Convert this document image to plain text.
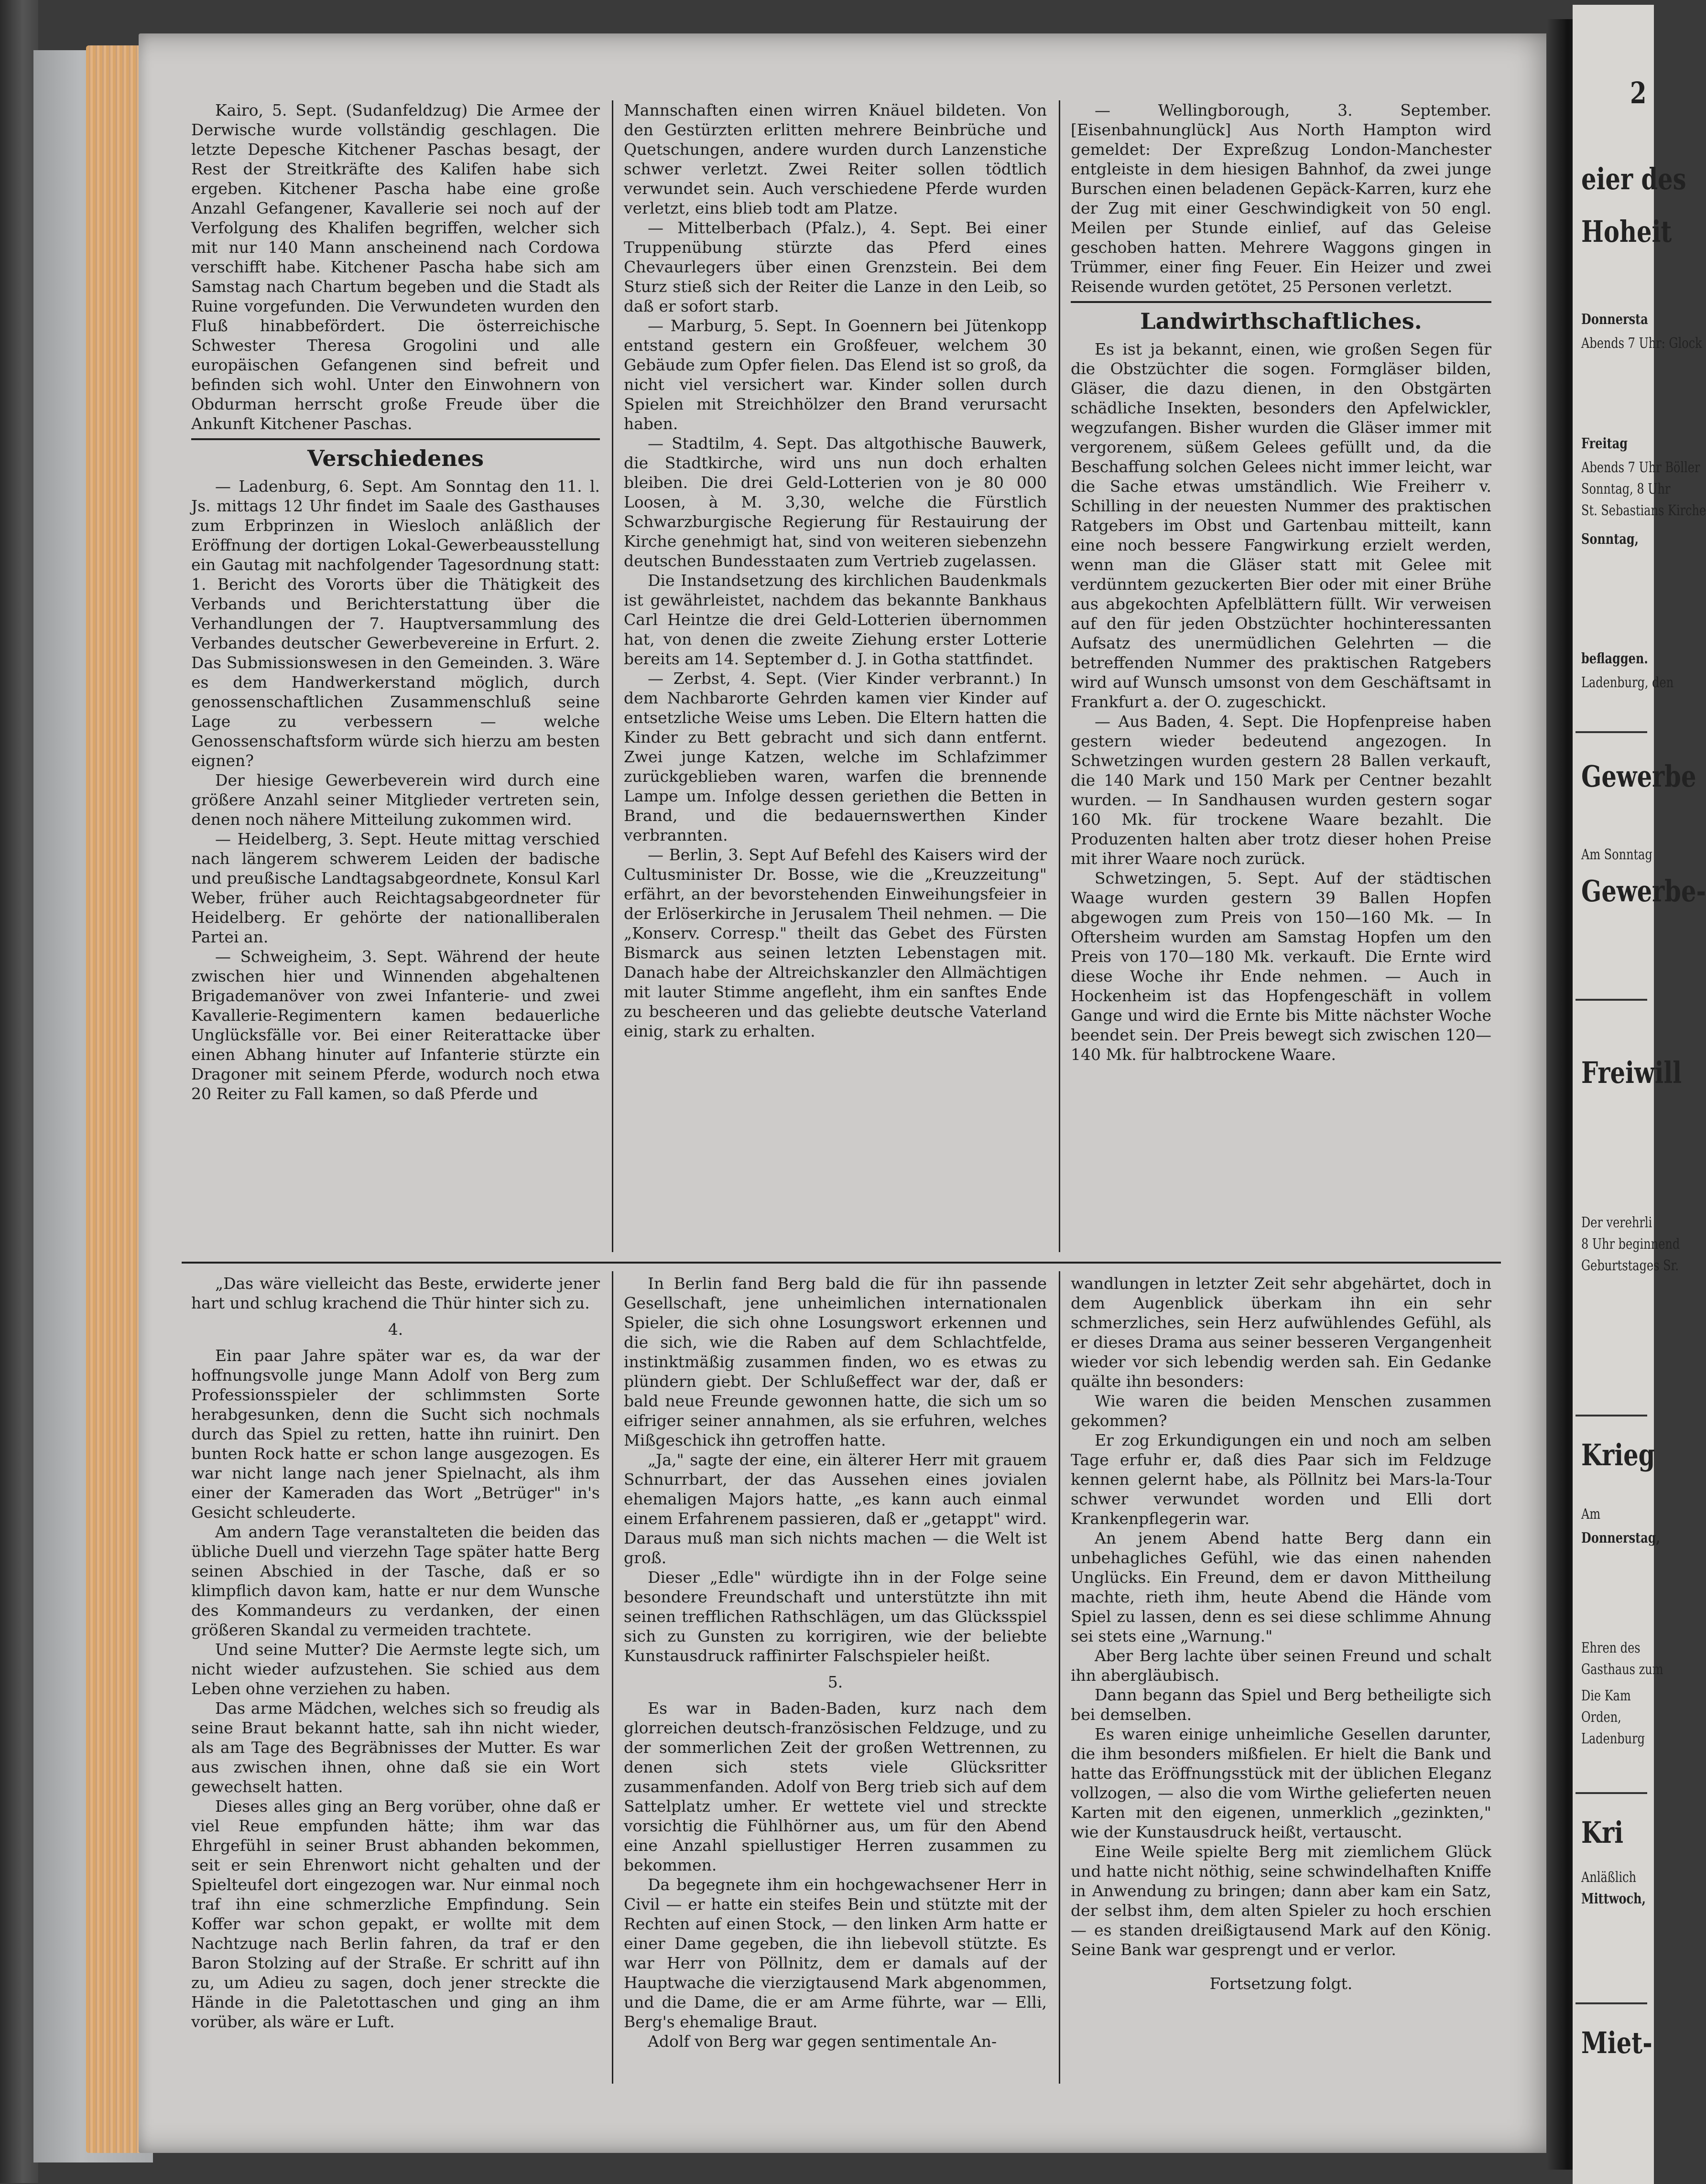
Kairo, 5. Sept. (Sudanfeldzug) Die Armee der Derwische wurde vollständig geschlagen. Die letzte Depesche Kitchener Paschas besagt, der Rest der Streitkräfte des Kalifen habe sich ergeben. Kitchener Pascha habe eine große Anzahl Gefangener, Kavallerie sei noch auf der Verfolgung des Khalifen begriffen, welcher sich mit nur 140 Mann anscheinend nach Cordowa verschifft habe. Kitchener Pascha habe sich am Samstag nach Chartum begeben und die Stadt als Ruine vorgefunden. Die Verwundeten wurden den Fluß hinabbefördert. Die österreichische Schwester Theresa Grogolini und alle europäischen Gefangenen sind befreit und befinden sich wohl. Unter den Einwohnern von Obdurman herrscht große Freude über die Ankunft Kitchener Paschas.

Verschiedenes

— Ladenburg, 6. Sept. Am Sonntag den 11. l. Js. mittags 12 Uhr findet im Saale des Gasthauses zum Erbprinzen in Wiesloch anläßlich der Eröffnung der dortigen Lokal-Gewerbeausstellung ein Gautag mit nachfolgender Tagesordnung statt: 1. Bericht des Vororts über die Thätigkeit des Verbands und Berichterstattung über die Verhandlungen der 7. Hauptversammlung des Verbandes deutscher Gewerbevereine in Erfurt. 2. Das Submissionswesen in den Gemeinden. 3. Wäre es dem Handwerkerstand möglich, durch genossenschaftlichen Zusammenschluß seine Lage zu verbessern — welche Genossenschaftsform würde sich hierzu am besten eignen?

Der hiesige Gewerbeverein wird durch eine größere Anzahl seiner Mitglieder vertreten sein, denen noch nähere Mitteilung zukommen wird.

— Heidelberg, 3. Sept. Heute mittag verschied nach längerem schwerem Leiden der badische und preußische Landtagsabgeordnete, Konsul Karl Weber, früher auch Reichtagsabgeordneter für Heidelberg. Er gehörte der nationalliberalen Partei an.

— Schweigheim, 3. Sept. Während der heute zwischen hier und Winnenden abgehaltenen Brigademanöver von zwei Infanterie- und zwei Kavallerie-Regimentern kamen bedauerliche Unglücksfälle vor. Bei einer Reiterattacke über einen Abhang hinuter auf Infanterie stürzte ein Dragoner mit seinem Pferde, wodurch noch etwa 20 Reiter zu Fall kamen, so daß Pferde und

Mannschaften einen wirren Knäuel bildeten. Von den Gestürzten erlitten mehrere Beinbrüche und Quetschungen, andere wurden durch Lanzenstiche schwer verletzt. Zwei Reiter sollen tödtlich verwundet sein. Auch verschiedene Pferde wurden verletzt, eins blieb todt am Platze.

— Mittelberbach (Pfalz.), 4. Sept. Bei einer Truppenübung stürzte das Pferd eines Chevaurlegers über einen Grenzstein. Bei dem Sturz stieß sich der Reiter die Lanze in den Leib, so daß er sofort starb.

— Marburg, 5. Sept. In Goennern bei Jütenkopp entstand gestern ein Großfeuer, welchem 30 Gebäude zum Opfer fielen. Das Elend ist so groß, da nicht viel versichert war. Kinder sollen durch Spielen mit Streichhölzer den Brand verursacht haben.

— Stadtilm, 4. Sept. Das altgothische Bauwerk, die Stadtkirche, wird uns nun doch erhalten bleiben. Die drei Geld-Lotterien von je 80 000 Loosen, à M. 3,30, welche die Fürstlich Schwarzburgische Regierung für Restauirung der Kirche genehmigt hat, sind von weiteren siebenzehn deutschen Bundesstaaten zum Vertrieb zugelassen.

Die Instandsetzung des kirchlichen Baudenkmals ist gewährleistet, nachdem das bekannte Bankhaus Carl Heintze die drei Geld-Lotterien übernommen hat, von denen die zweite Ziehung erster Lotterie bereits am 14. September d. J. in Gotha stattfindet.

— Zerbst, 4. Sept. (Vier Kinder verbrannt.) In dem Nachbarorte Gehrden kamen vier Kinder auf entsetzliche Weise ums Leben. Die Eltern hatten die Kinder zu Bett gebracht und sich dann entfernt. Zwei junge Katzen, welche im Schlafzimmer zurückgeblieben waren, warfen die brennende Lampe um. Infolge dessen geriethen die Betten in Brand, und die bedauernswerthen Kinder verbrannten.

— Berlin, 3. Sept Auf Befehl des Kaisers wird der Cultusminister Dr. Bosse, wie die „Kreuzzeitung" erfährt, an der bevorstehenden Einweihungsfeier in der Erlöserkirche in Jerusalem Theil nehmen. — Die „Konserv. Corresp." theilt das Gebet des Fürsten Bismarck aus seinen letzten Lebenstagen mit. Danach habe der Altreichskanzler den Allmächtigen mit lauter Stimme angefleht, ihm ein sanftes Ende zu bescheeren und das geliebte deutsche Vaterland einig, stark zu erhalten.

— Wellingborough, 3. September. [Eisenbahnunglück] Aus North Hampton wird gemeldet: Der Expreßzug London-Manchester entgleiste in dem hiesigen Bahnhof, da zwei junge Burschen einen beladenen Gepäck-Karren, kurz ehe der Zug mit einer Geschwindigkeit von 50 engl. Meilen per Stunde einlief, auf das Geleise geschoben hatten. Mehrere Waggons gingen in Trümmer, einer fing Feuer. Ein Heizer und zwei Reisende wurden getötet, 25 Personen verletzt.

Landwirthschaftliches.

Es ist ja bekannt, einen, wie großen Segen für die Obstzüchter die sogen. Formgläser bilden, Gläser, die dazu dienen, in den Obstgärten schädliche Insekten, besonders den Apfelwickler, wegzufangen. Bisher wurden die Gläser immer mit vergorenem, süßem Gelees gefüllt und, da die Beschaffung solchen Gelees nicht immer leicht, war die Sache etwas umständlich. Wie Freiherr v. Schilling in der neuesten Nummer des praktischen Ratgebers im Obst und Gartenbau mitteilt, kann eine noch bessere Fangwirkung erzielt werden, wenn man die Gläser statt mit Gelee mit verdünntem gezuckerten Bier oder mit einer Brühe aus abgekochten Apfelblättern füllt. Wir verweisen auf den für jeden Obstzüchter hochinteressanten Aufsatz des unermüdlichen Gelehrten — die betreffenden Nummer des praktischen Ratgebers wird auf Wunsch umsonst von dem Geschäftsamt in Frankfurt a. der O. zugeschickt.

— Aus Baden, 4. Sept. Die Hopfenpreise haben gestern wieder bedeutend angezogen. In Schwetzingen wurden gestern 28 Ballen verkauft, die 140 Mark und 150 Mark per Centner bezahlt wurden. — In Sandhausen wurden gestern sogar 160 Mk. für trockene Waare bezahlt. Die Produzenten halten aber trotz dieser hohen Preise mit ihrer Waare noch zurück.

Schwetzingen, 5. Sept. Auf der städtischen Waage wurden gestern 39 Ballen Hopfen abgewogen zum Preis von 150—160 Mk. — In Oftersheim wurden am Samstag Hopfen um den Preis von 170—180 Mk. verkauft. Die Ernte wird diese Woche ihr Ende nehmen. — Auch in Hockenheim ist das Hopfengeschäft in vollem Gange und wird die Ernte bis Mitte nächster Woche beendet sein. Der Preis bewegt sich zwischen 120—140 Mk. für halbtrockene Waare.

„Das wäre vielleicht das Beste, erwiderte jener hart und schlug krachend die Thür hinter sich zu.

4.

Ein paar Jahre später war es, da war der hoffnungsvolle junge Mann Adolf von Berg zum Professionsspieler der schlimmsten Sorte herabgesunken, denn die Sucht sich nochmals durch das Spiel zu retten, hatte ihn ruinirt. Den bunten Rock hatte er schon lange ausgezogen. Es war nicht lange nach jener Spielnacht, als ihm einer der Kameraden das Wort „Betrüger" in's Gesicht schleuderte.

Am andern Tage veranstalteten die beiden das übliche Duell und vierzehn Tage später hatte Berg seinen Abschied in der Tasche, daß er so klimpflich davon kam, hatte er nur dem Wunsche des Kommandeurs zu verdanken, der einen größeren Skandal zu vermeiden trachtete.

Und seine Mutter? Die Aermste legte sich, um nicht wieder aufzustehen. Sie schied aus dem Leben ohne verziehen zu haben.

Das arme Mädchen, welches sich so freudig als seine Braut bekannt hatte, sah ihn nicht wieder, als am Tage des Begräbnisses der Mutter. Es war aus zwischen ihnen, ohne daß sie ein Wort gewechselt hatten.

Dieses alles ging an Berg vorüber, ohne daß er viel Reue empfunden hätte; ihm war das Ehrgefühl in seiner Brust abhanden bekommen, seit er sein Ehrenwort nicht gehalten und der Spielteufel dort eingezogen war. Nur einmal noch traf ihn eine schmerzliche Empfindung. Sein Koffer war schon gepakt, er wollte mit dem Nachtzuge nach Berlin fahren, da traf er den Baron Stolzing auf der Straße. Er schritt auf ihn zu, um Adieu zu sagen, doch jener streckte die Hände in die Paletottaschen und ging an ihm vorüber, als wäre er Luft.

In Berlin fand Berg bald die für ihn passende Gesellschaft, jene unheimlichen internationalen Spieler, die sich ohne Losungswort erkennen und die sich, wie die Raben auf dem Schlachtfelde, instinktmäßig zusammen finden, wo es etwas zu plündern giebt. Der Schlußeffect war der, daß er bald neue Freunde gewonnen hatte, die sich um so eifriger seiner annahmen, als sie erfuhren, welches Mißgeschick ihn getroffen hatte.

„Ja," sagte der eine, ein älterer Herr mit grauem Schnurrbart, der das Aussehen eines jovialen ehemaligen Majors hatte, „es kann auch einmal einem Erfahrenem passieren, daß er „getappt" wird. Daraus muß man sich nichts machen — die Welt ist groß.

Dieser „Edle" würdigte ihn in der Folge seine besondere Freundschaft und unterstützte ihn mit seinen trefflichen Rathschlägen, um das Glücksspiel sich zu Gunsten zu korrigiren, wie der beliebte Kunstausdruck raffinirter Falschspieler heißt.

5.

Es war in Baden-Baden, kurz nach dem glorreichen deutsch-französischen Feldzuge, und zu der sommerlichen Zeit der großen Wettrennen, zu denen sich stets viele Glücksritter zusammenfanden. Adolf von Berg trieb sich auf dem Sattelplatz umher. Er wettete viel und streckte vorsichtig die Fühlhörner aus, um für den Abend eine Anzahl spiellustiger Herren zusammen zu bekommen.

Da begegnete ihm ein hochgewachsener Herr in Civil — er hatte ein steifes Bein und stützte mit der Rechten auf einen Stock, — den linken Arm hatte er einer Dame gegeben, die ihn liebevoll stützte. Es war Herr von Pöllnitz, dem er damals auf der Hauptwache die vierzigtausend Mark abgenommen, und die Dame, die er am Arme führte, war — Elli, Berg's ehemalige Braut.

Adolf von Berg war gegen sentimentale An-

wandlungen in letzter Zeit sehr abgehärtet, doch in dem Augenblick überkam ihn ein sehr schmerzliches, sein Herz aufwühlendes Gefühl, als er dieses Drama aus seiner besseren Vergangenheit wieder vor sich lebendig werden sah. Ein Gedanke quälte ihn besonders:

Wie waren die beiden Menschen zusammen gekommen?

Er zog Erkundigungen ein und noch am selben Tage erfuhr er, daß dies Paar sich im Feldzuge kennen gelernt habe, als Pöllnitz bei Mars-la-Tour schwer verwundet worden und Elli dort Krankenpflegerin war.

An jenem Abend hatte Berg dann ein unbehagliches Gefühl, wie das einen nahenden Unglücks. Ein Freund, dem er davon Mittheilung machte, rieth ihm, heute Abend die Hände vom Spiel zu lassen, denn es sei diese schlimme Ahnung sei stets eine „Warnung."

Aber Berg lachte über seinen Freund und schalt ihn abergläubisch.

Dann begann das Spiel und Berg betheiligte sich bei demselben.

Es waren einige unheimliche Gesellen darunter, die ihm besonders mißfielen. Er hielt die Bank und hatte das Eröffnungsstück mit der üblichen Eleganz vollzogen, — also die vom Wirthe gelieferten neuen Karten mit den eigenen, unmerklich „gezinkten," wie der Kunstausdruck heißt, vertauscht.

Eine Weile spielte Berg mit ziemlichem Glück und hatte nicht nöthig, seine schwindelhaften Kniffe in Anwendung zu bringen; dann aber kam ein Satz, der selbst ihm, dem alten Spieler zu hoch erschien — es standen dreißigtausend Mark auf den König. Seine Bank war gesprengt und er verlor.

Fortsetzung folgt.
2
eier des
Hoheit
Donnersta
Abends 7 Uhr: Glock
Freitag
Abends 7 Uhr Böller
Sonntag, 8 Uhr
St. Sebastians Kirche
Sonntag,
beflaggen.
Ladenburg, den
Gewerbe
Am Sonntag
Gewerbe-
Freiwill
Der verehrli
8 Uhr beginnend
Geburtstages Sr.
Krieg
Am
Donnerstag,
Ehren des
Gasthaus zum
Die Kam
Orden,
Ladenburg
Kri
Anläßlich
Mittwoch,
Miet-
